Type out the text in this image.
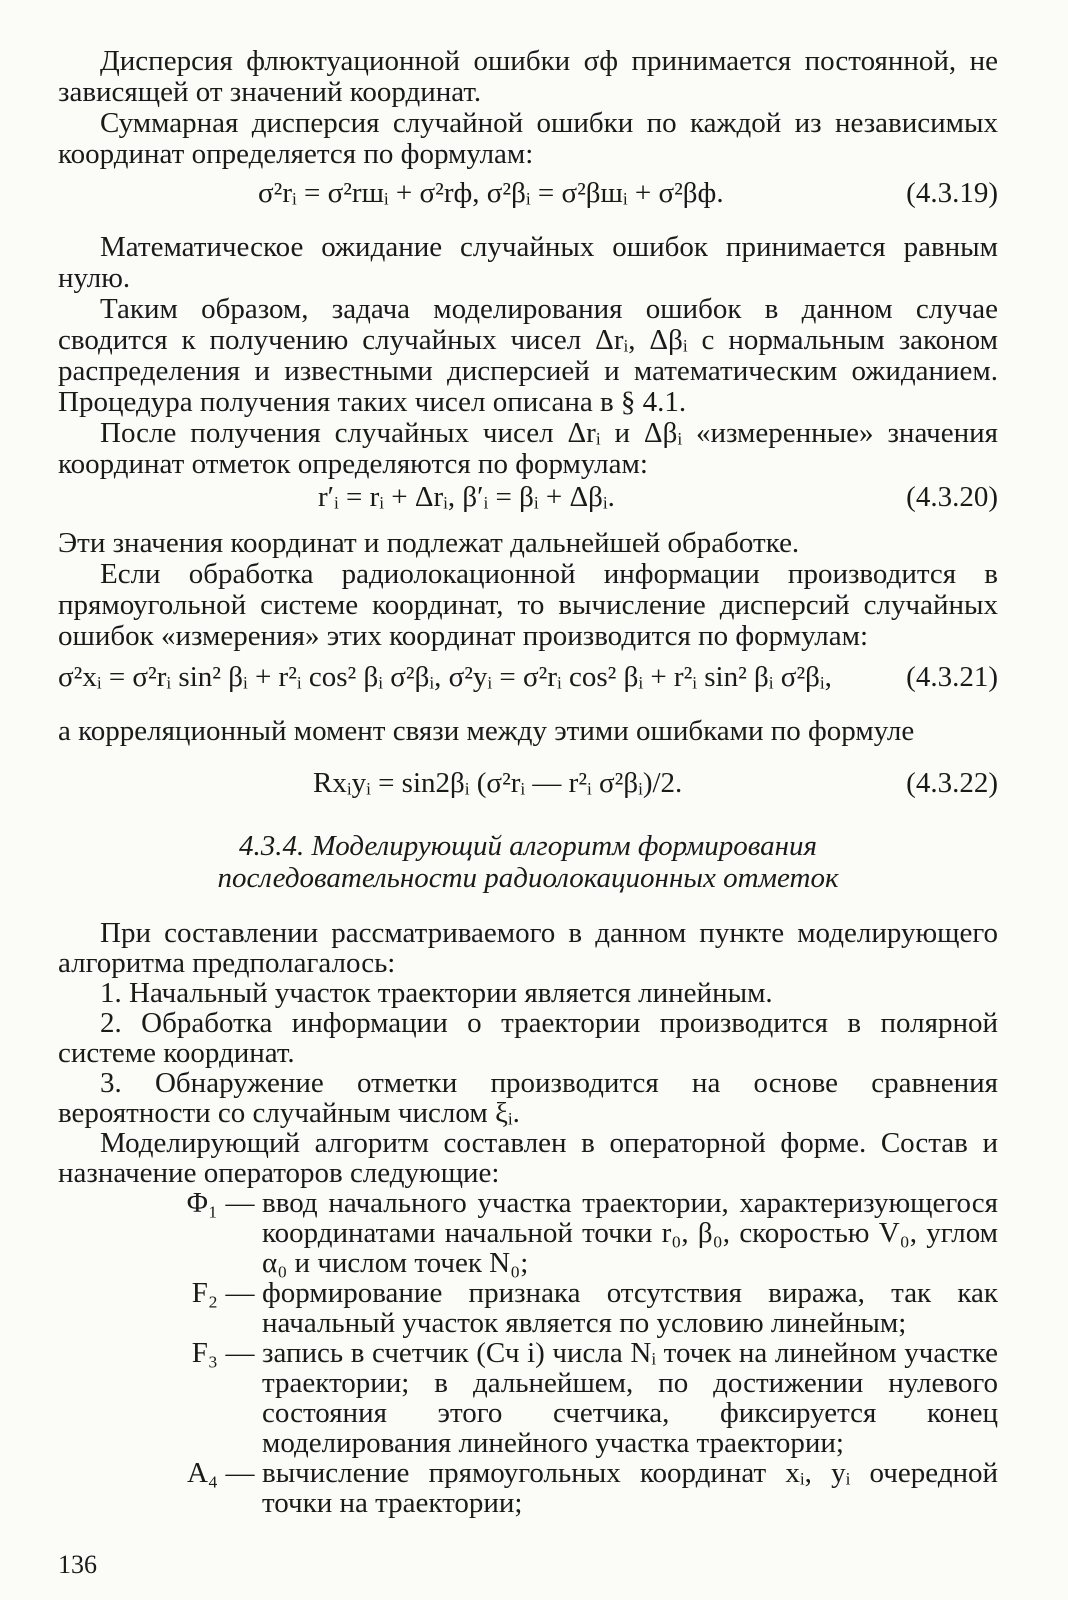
Дисперсия флюктуационной ошибки σф принимается постоянной, не зависящей от значений координат.

Суммарная дисперсия случайной ошибки по каждой из независимых координат определяется по формулам:

σ²rᵢ = σ²rшᵢ + σ²rф, σ²βᵢ = σ²βшᵢ + σ²βф.	(4.3.19)

Математическое ожидание случайных ошибок принимается равным нулю.

Таким образом, задача моделирования ошибок в данном случае сводится к получению случайных чисел Δrᵢ, Δβᵢ с нормальным законом распределения и известными дисперсией и математическим ожиданием. Процедура получения таких чисел описана в § 4.1.

После получения случайных чисел Δrᵢ и Δβᵢ «измеренные» значения координат отметок определяются по формулам:

r′ᵢ = rᵢ + Δrᵢ, β′ᵢ = βᵢ + Δβᵢ.	(4.3.20)

Эти значения координат и подлежат дальнейшей обработке.

Если обработка радиолокационной информации производится в прямоугольной системе координат, то вычисление дисперсий случайных ошибок «измерения» этих координат производится по формулам:

σ²xᵢ = σ²rᵢ sin² βᵢ + r²ᵢ cos² βᵢ σ²βᵢ, σ²yᵢ = σ²rᵢ cos² βᵢ + r²ᵢ sin² βᵢ σ²βᵢ,	(4.3.21)

а корреляционный момент связи между этими ошибками по формуле

Rxᵢyᵢ = sin2βᵢ (σ²rᵢ — r²ᵢ σ²βᵢ)/2.	(4.3.22)
4.3.4. Моделирующий алгоритм формирования
последовательности радиолокационных отметок

При составлении рассматриваемого в данном пункте моделирующего алгоритма предполагалось:

1. Начальный участок траектории является линейным.

2. Обработка информации о траектории производится в полярной системе координат.

3. Обнаружение отметки производится на основе сравнения вероятности со случайным числом ξᵢ.

Моделирующий алгоритм составлен в операторной форме. Состав и назначение операторов следующие:

Φ₁ — ввод начального участка траектории, характеризующегося координатами начальной точки r₀, β₀, скоростью V₀, углом α₀ и числом точек N₀;
F₂ — формирование признака отсутствия виража, так как начальный участок является по условию линейным;
F₃ — запись в счетчик (Сч i) числа Nᵢ точек на линейном участке траектории; в дальнейшем, по достижении нулевого состояния этого счетчика, фиксируется конец моделирования линейного участка траектории;
A₄ — вычисление прямоугольных координат xᵢ, yᵢ очередной точки на траектории;
136
